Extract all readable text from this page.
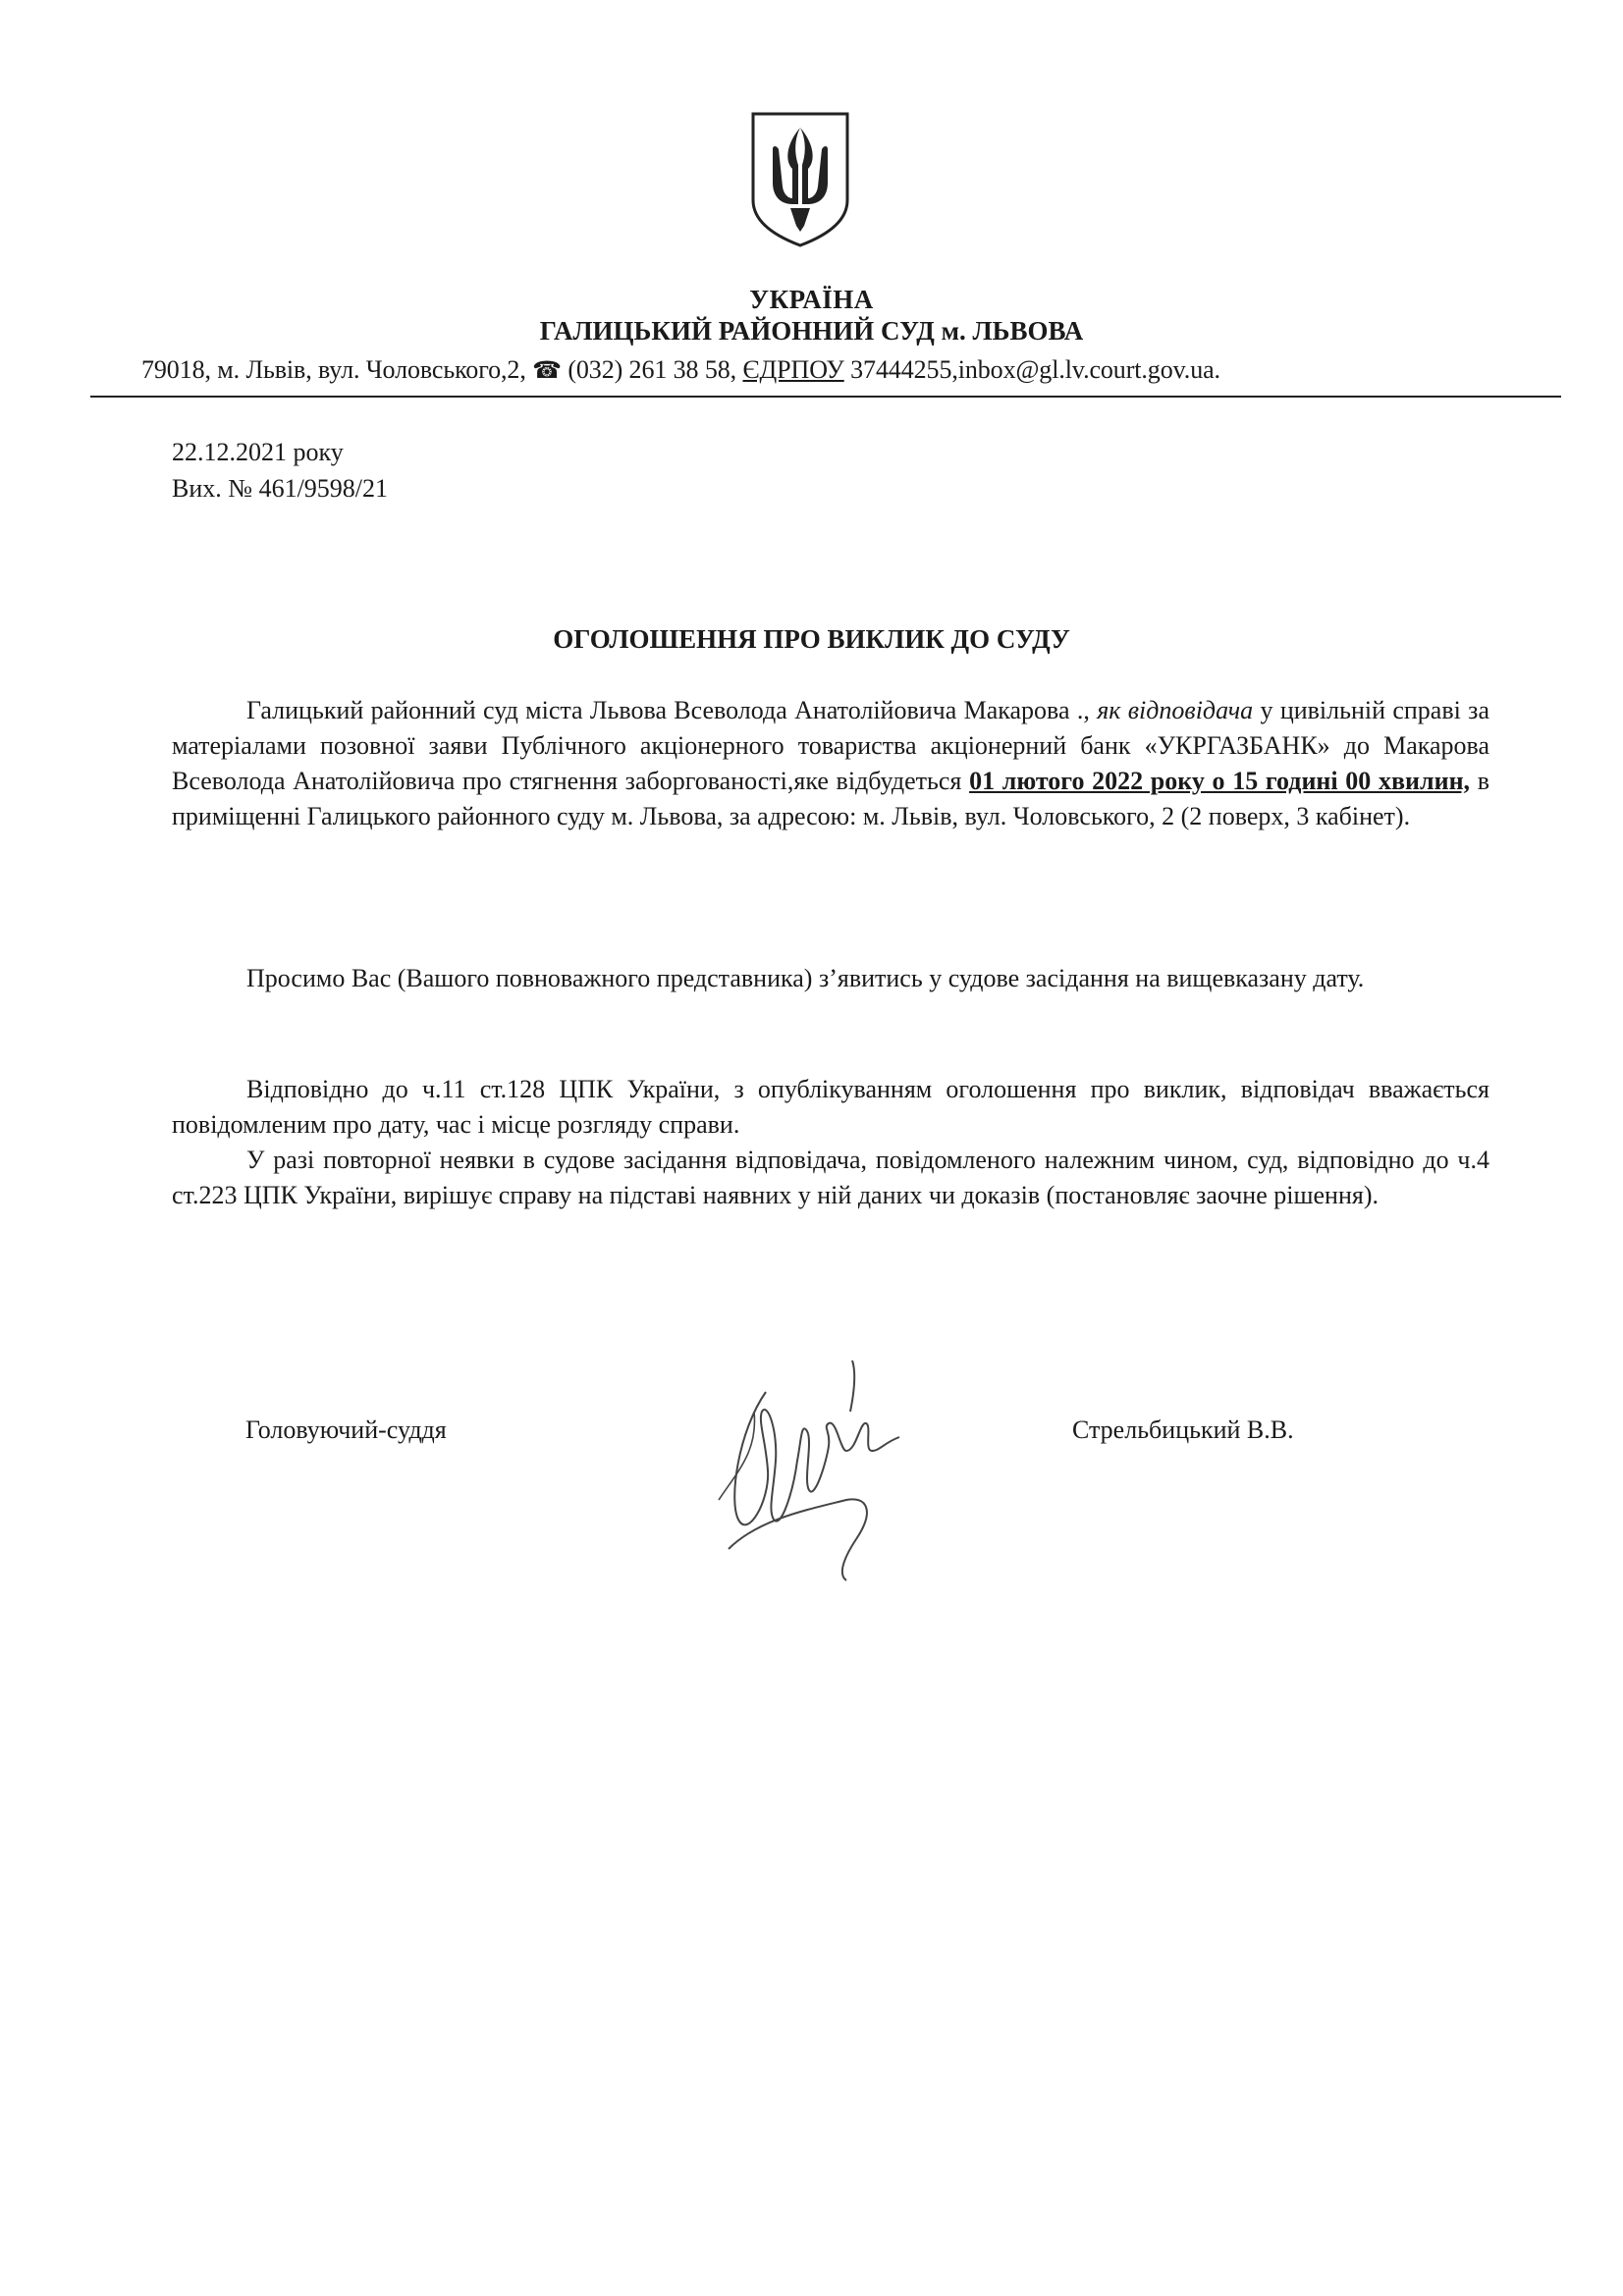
УКРАЇНА
ГАЛИЦЬКИЙ РАЙОННИЙ СУД м. ЛЬВОВА
79018, м. Львів, вул. Чоловського,2, ☎ (032) 261 38 58, ЄДРПОУ 37444255,inbox@gl.lv.court.gov.ua.
22.12.2021 року
Вих. № 461/9598/21
ОГОЛОШЕННЯ ПРО ВИКЛИК ДО СУДУ

Галицький районний суд міста Львова Всеволода Анатолійовича Макарова ., як відповідача у цивільній справі за матеріалами позовної заяви Публічного акціонерного товариства акціонерний банк «УКРГАЗБАНК» до Макарова Всеволода Анатолійовича про стягнення заборгованості,яке відбудеться 01 лютого 2022 року о 15 годині 00 хвилин, в приміщенні Галицького районного суду м. Львова, за адресою: м. Львів, вул. Чоловського, 2 (2 поверх, 3 кабінет).

Просимо Вас (Вашого повноважного представника) з’явитись у судове засідання на вищевказану дату.

Відповідно до ч.11 ст.128 ЦПК України, з опублікуванням оголошення про виклик, відповідач вважається повідомленим про дату, час і місце розгляду справи.

У разі повторної неявки в судове засідання відповідача, повідомленого належним чином, суд, відповідно до ч.4 ст.223 ЦПК України, вирішує справу на підставі наявних у ній даних чи доказів (постановляє заочне рішення).

Головуючий-суддя	Стрельбицький В.В.
